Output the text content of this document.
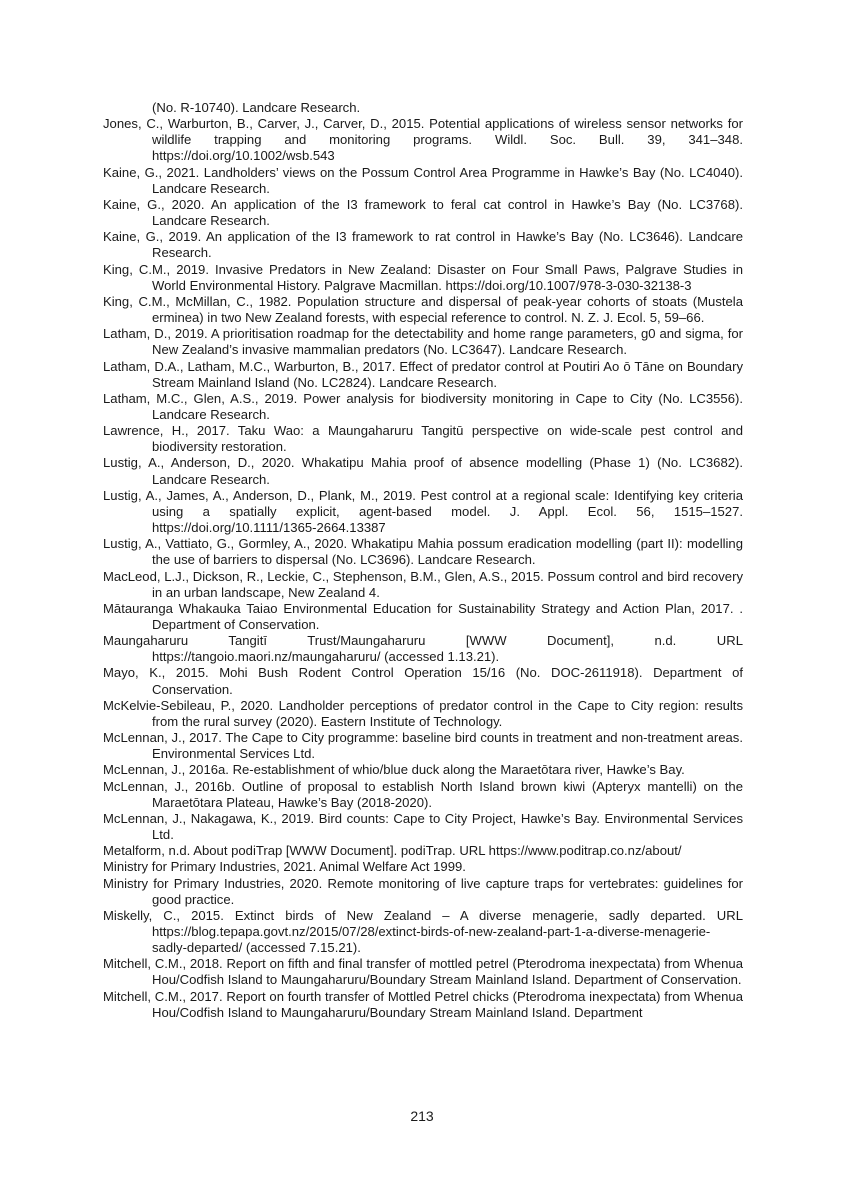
(No. R-10740). Landcare Research.

Jones, C., Warburton, B., Carver, J., Carver, D., 2015. Potential applications of wireless sensor networks for wildlife trapping and monitoring programs. Wildl. Soc. Bull. 39, 341–348. https://doi.org/10.1002/wsb.543

Kaine, G., 2021. Landholders’ views on the Possum Control Area Programme in Hawke’s Bay (No. LC4040). Landcare Research.

Kaine, G., 2020. An application of the I3 framework to feral cat control in Hawke’s Bay (No. LC3768). Landcare Research.

Kaine, G., 2019. An application of the I3 framework to rat control in Hawke’s Bay (No. LC3646). Landcare Research.

King, C.M., 2019. Invasive Predators in New Zealand: Disaster on Four Small Paws, Palgrave Studies in World Environmental History. Palgrave Macmillan. https://doi.org/10.1007/978-3-030-32138-3

King, C.M., McMillan, C., 1982. Population structure and dispersal of peak-year cohorts of stoats (Mustela erminea) in two New Zealand forests, with especial reference to control. N. Z. J. Ecol. 5, 59–66.

Latham, D., 2019. A prioritisation roadmap for the detectability and home range parameters, g0 and sigma, for New Zealand’s invasive mammalian predators (No. LC3647). Landcare Research.

Latham, D.A., Latham, M.C., Warburton, B., 2017. Effect of predator control at Poutiri Ao ō Tāne on Boundary Stream Mainland Island (No. LC2824). Landcare Research.

Latham, M.C., Glen, A.S., 2019. Power analysis for biodiversity monitoring in Cape to City (No. LC3556). Landcare Research.

Lawrence, H., 2017. Taku Wao: a Maungaharuru Tangitū perspective on wide-scale pest control and biodiversity restoration.

Lustig, A., Anderson, D., 2020. Whakatipu Mahia proof of absence modelling (Phase 1) (No. LC3682). Landcare Research.

Lustig, A., James, A., Anderson, D., Plank, M., 2019. Pest control at a regional scale: Identifying key criteria using a spatially explicit, agent-based model. J. Appl. Ecol. 56, 1515–1527. https://doi.org/10.1111/1365-2664.13387

Lustig, A., Vattiato, G., Gormley, A., 2020. Whakatipu Mahia possum eradication modelling (part II): modelling the use of barriers to dispersal (No. LC3696). Landcare Research.

MacLeod, L.J., Dickson, R., Leckie, C., Stephenson, B.M., Glen, A.S., 2015. Possum control and bird recovery in an urban landscape, New Zealand 4.

Mātauranga Whakauka Taiao Environmental Education for Sustainability Strategy and Action Plan, 2017. . Department of Conservation.

Maungaharuru Tangitī Trust/Maungaharuru [WWW Document], n.d. URL https://tangoio.maori.nz/maungaharuru/ (accessed 1.13.21).

Mayo, K., 2015. Mohi Bush Rodent Control Operation 15/16 (No. DOC-2611918). Department of Conservation.

McKelvie-Sebileau, P., 2020. Landholder perceptions of predator control in the Cape to City region: results from the rural survey (2020). Eastern Institute of Technology.

McLennan, J., 2017. The Cape to City programme: baseline bird counts in treatment and non-treatment areas. Environmental Services Ltd.

McLennan, J., 2016a. Re-establishment of whio/blue duck along the Maraetōtara river, Hawke’s Bay.

McLennan, J., 2016b. Outline of proposal to establish North Island brown kiwi (Apteryx mantelli) on the Maraetōtara Plateau, Hawke’s Bay (2018-2020).

McLennan, J., Nakagawa, K., 2019. Bird counts: Cape to City Project, Hawke’s Bay. Environmental Services Ltd.

Metalform, n.d. About podiTrap [WWW Document]. podiTrap. URL https://www.poditrap.co.nz/about/

Ministry for Primary Industries, 2021. Animal Welfare Act 1999.

Ministry for Primary Industries, 2020. Remote monitoring of live capture traps for vertebrates: guidelines for good practice.

Miskelly, C., 2015. Extinct birds of New Zealand – A diverse menagerie, sadly departed. URL https://blog.tepapa.govt.nz/2015/07/28/extinct-birds-of-new-zealand-part-1-a-diverse-menagerie-sadly-departed/ (accessed 7.15.21).

Mitchell, C.M., 2018. Report on fifth and final transfer of mottled petrel (Pterodroma inexpectata) from Whenua Hou/Codfish Island to Maungaharuru/Boundary Stream Mainland Island. Department of Conservation.

Mitchell, C.M., 2017. Report on fourth transfer of Mottled Petrel chicks (Pterodroma inexpectata) from Whenua Hou/Codfish Island to Maungaharuru/Boundary Stream Mainland Island. Department

213
